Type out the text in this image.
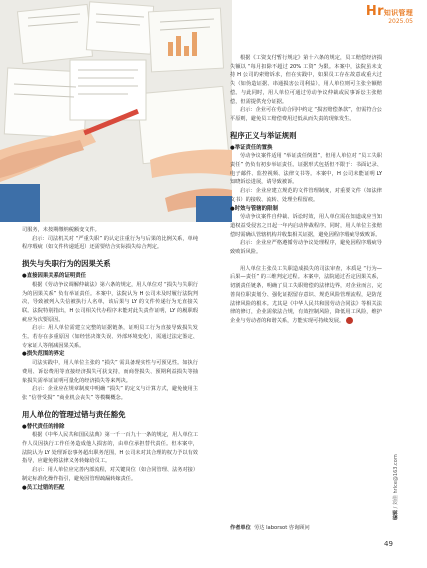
Hr知识管理
2025.05

司服务，未按期缴纳税额变文件。

启示：司法机关对 “严重失职” 的认定注重行为与后果的比例关系，单纯程序瑕疵（如文件传递延迟）还需要结合实际损失综合判定。

损失与失职行为的因果关系

●直接因果关系的证明责任

根据《劳动争议调解仲裁法》第六条的规定，用人单位对 “损失与失职行为的因果关系” 负有举证责任。本案中，法院认为 H 公司未及时履行法院判决，导致被列入失信被执行人名单，该后果与 LY 的文件传递行为无直接关联。法院特别指出，H 公司相关代办程序未能对此失责作证明，LY 的履职瑕疵应为次要原因。

启示：用人单位需建立完整的证据链条，证明员工行为直接导致损失发生。若存在多重原因（如经营决策失误、外部环境变化），需通过法定鉴定、专家证人等削减因果关系。

●损失范围的界定

司法实践中，用人单位主张的 “损失” 需具备现实性与可预见性。如执行费用、诉讼费用等直接经济损失可获支持，而商誉损失、预期利益损失等抽象损失需举证证明可量化的经济损失等来判决。

启示：企业应在规章制度中明确 “损失” 的定义与计算方式，避免使用主张 “信誉受损” “商业机会丧失” 等模糊概念。

用人单位的管理过错与责任豁免

●替代责任的排除

根据《中华人民共和国民法典》第一千一百九十一条的规定，用人单位工作人员因执行工作任务造成他人损害的，由单位承担替代责任。但本案中，法院认为 LY 处理诉讼事务超出职务范围，H 公司未对其合理的权力予以有效指导，应避免将法律义务转嫁给员工。

启示：用人单位应完善内部流程，对关键岗位（如合同管理、法务对接）制定标准化操作指引，避免因管理疏漏转嫁责任。

●员工过错的匹配

根据《工资支付暂行规定》第十六条的规定，员工赔偿经济损失额以 “每月扣除不超过 20% 工资” 为限。本案中，法院虽未支持 H 公司的索赔诉求，但在实践中，如果员工存在故意或重大过失（如伪造证据、串通损害公司利益），用人单位则可主张全额赔偿。与此同时，用人单位可通过劳动争议仲裁或民事诉讼主张赔偿，但需提供充分证据。

启示：企业可在劳动合同中约定 “损害赔偿条款”，但需符合公平原则，避免员工赔偿费用过低从而失责的现象发生。

程序正义与举证规则

●举证责任的置换

劳动争议案件适用 “举证责任倒置”，但用人单位对 “员工失职责任” 仍负有初步举证责任。证据形式包括但不限于：书面记录、电子邮件、监控视频、法律文书等。本案中，H 公司未能证明 LY 知晓诉讼进展，请导致被诉。

启示：企业应建立规范的文件管理制度，对重要文件（如法律文书）的接收、流转、处理全程留痕。

●时效与管辖的限制

劳动争议案件自仲裁、诉讼时效，用人单位需在知道或应当知道权益受侵害之日起一年内启动仲裁程序。同时，用人单位主张赔偿时需确认管辖机构并收集相关证据，避免因程序瑕疵导致败诉。

启示：企业应严格遵循劳动争议处理程序，避免因程序瑕疵导致败诉风险。

用人单位主张员工失职造成损失的司法审查，本质是 “行为—后果—责任” 的三维判定过程。本案中，法院通过否定因果关系，切割责任链条，明确了员工失职赔偿的法律边界，对企业而言，完善岗位职责划分、强化证据留存意识、规范风险管理流程，是防范法律风险的根本。尤其是《中华人民共和国劳动合同法》等相关法律的修订，企业需依法合规，有效控制风险，降低用工风险，维护企业与劳动者的和谐关系，方能实现可持续发展。

编辑 / 刘佳 hrlce@163.com
作者单位 劳达 laborsot 咨询顾问
49
